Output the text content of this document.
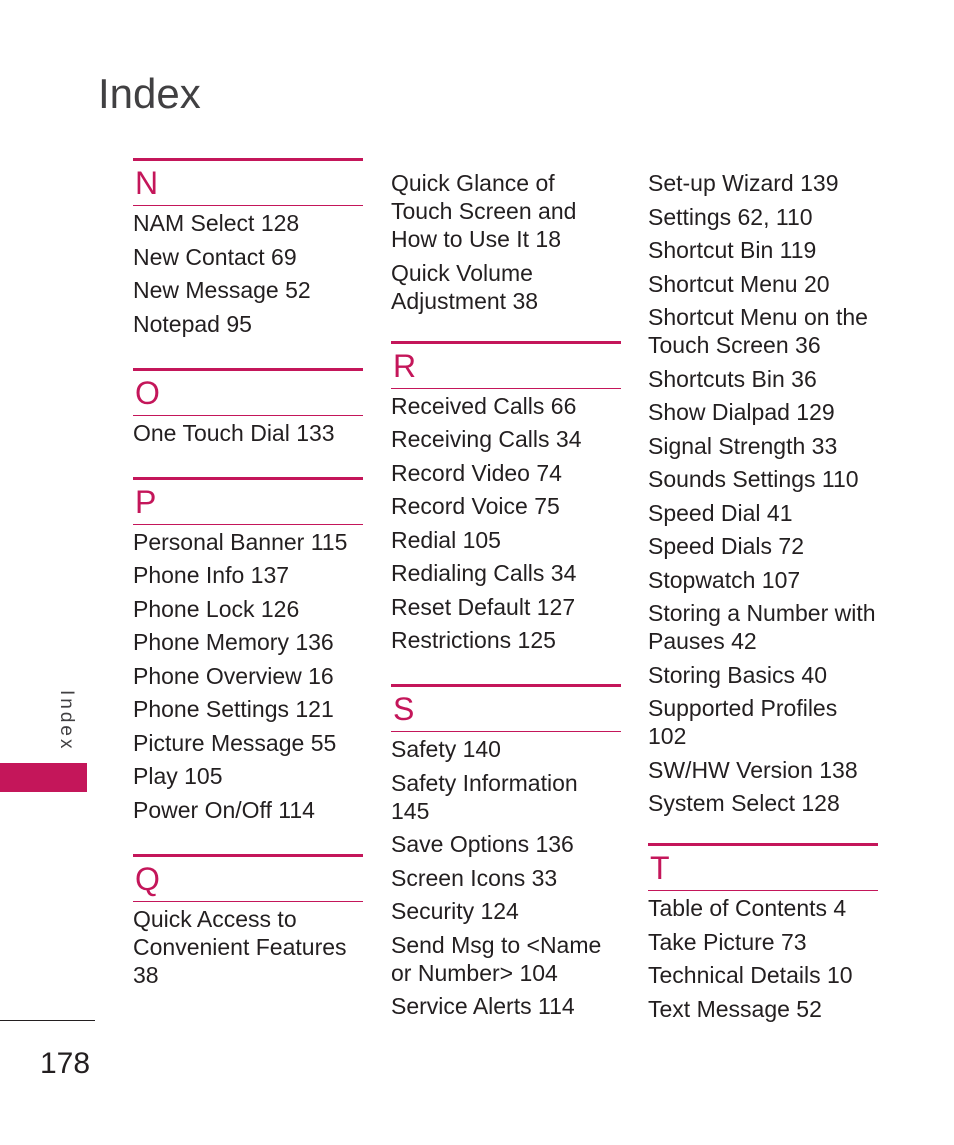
Index
N
NAM Select 128
New Contact 69
New Message 52
Notepad 95
O
One Touch Dial 133
P
Personal Banner 115
Phone Info 137
Phone Lock 126
Phone Memory 136
Phone Overview 16
Phone Settings 121
Picture Message 55
Play 105
Power On/Off 114
Q
Quick Access to Convenient Features 38
Quick Glance of Touch Screen and How to Use It 18
Quick Volume Adjustment 38
R
Received Calls 66
Receiving Calls 34
Record Video 74
Record Voice 75
Redial 105
Redialing Calls 34
Reset Default 127
Restrictions 125
S
Safety 140
Safety Information 145
Save Options 136
Screen Icons 33
Security 124
Send Msg to <Name or Number> 104
Service Alerts 114
Set-up Wizard 139
Settings 62, 110
Shortcut Bin 119
Shortcut Menu 20
Shortcut Menu on the Touch Screen 36
Shortcuts Bin 36
Show Dialpad 129
Signal Strength 33
Sounds Settings 110
Speed Dial 41
Speed Dials 72
Stopwatch 107
Storing a Number with Pauses 42
Storing Basics 40
Supported Profiles 102
SW/HW Version 138
System Select 128
T
Table of Contents 4
Take Picture 73
Technical Details 10
Text Message 52
Index
178
